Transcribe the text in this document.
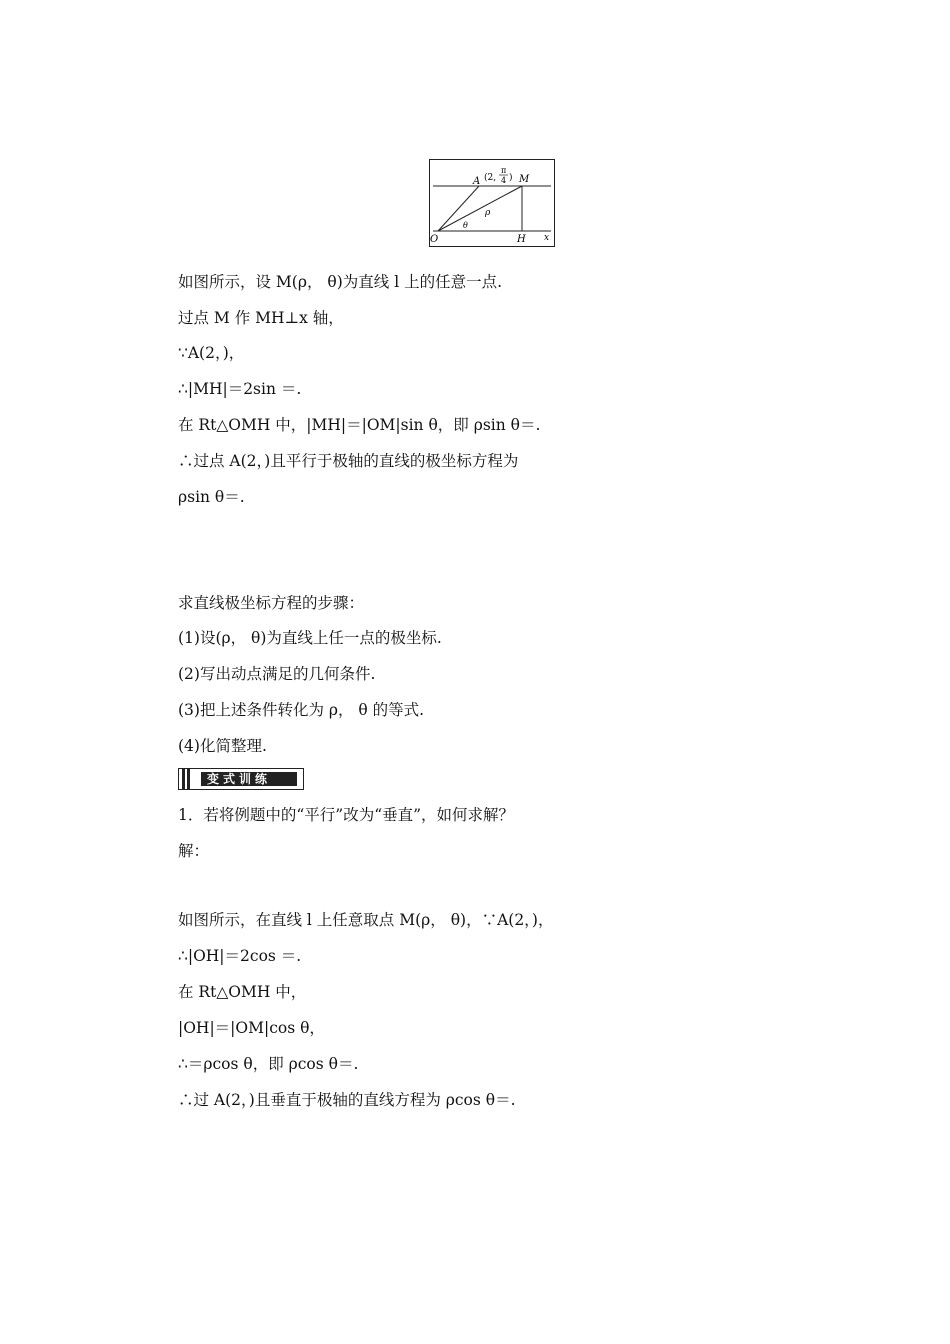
A (2,
π
4 ) M
ρ
θ
O	H x
如图所示，设 M(ρ， θ)为直线 l 上的任意一点.
过点 M 作 MH⊥x 轴，
∵A(2，)，
∴|MH|＝2sin ＝.
在 Rt△OMH 中，|MH|＝|OM|sin θ，即 ρsin θ＝.
∴过点 A(2，)且平行于极轴的直线的极坐标方程为
ρsin θ＝.
求直线极坐标方程的步骤：
(1)设(ρ， θ)为直线上任一点的极坐标.
(2)写出动点满足的几何条件.
(3)把上述条件转化为 ρ， θ 的等式.
(4)化简整理.
变式训练
1．若将例题中的“平行”改为“垂直”，如何求解？
解：
如图所示，在直线 l 上任意取点 M(ρ， θ)，∵A(2，)，
∴|OH|＝2cos ＝.
在 Rt△OMH 中，
|OH|＝|OM|cos θ，
∴＝ρcos θ，即 ρcos θ＝.
∴过 A(2，)且垂直于极轴的直线方程为 ρcos θ＝.
